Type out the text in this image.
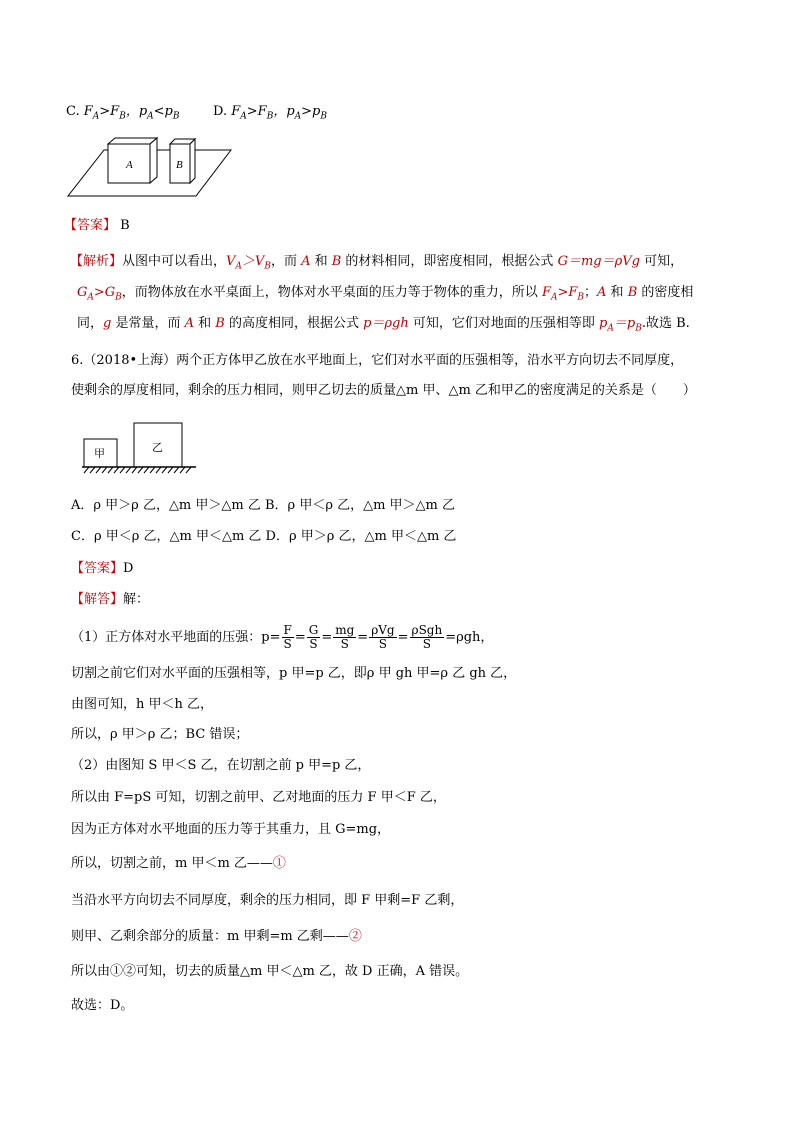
C. $F_A>F_B$，$p_A<p_B$	D. $F_A>F_B$，$p_A>p_B$
A	B
【答案】 B
【解析】从图中可以看出，$V_A>V_B$，而 A 和 B 的材料相同，即密度相同，根据公式 G＝mg＝ρVg 可知，
$G_A>G_B$，而物体放在水平桌面上，物体对水平桌面的压力等于物体的重力，所以 $F_A>F_B$；A 和 B 的密度相
同，g 是常量，而 A 和 B 的高度相同，根据公式 p＝ρgh 可知，它们对地面的压强相等即 $p_A=p_B$.故选 B.
6.（2018•上海）两个正方体甲乙放在水平地面上，它们对水平面的压强相等，沿水平方向切去不同厚度，
使剩余的厚度相同，剩余的压力相同，则甲乙切去的质量△m 甲、△m 乙和甲乙的密度满足的关系是（　　）
甲	乙
A．ρ 甲＞ρ 乙，△m 甲＞△m 乙 B．ρ 甲＜ρ 乙，△m 甲＞△m 乙
C．ρ 甲＜ρ 乙，△m 甲＜△m 乙 D．ρ 甲＞ρ 乙，△m 甲＜△m 乙
【答案】D
【解答】解：
（1）正方体对水平地面的压强：$p= \frac{F}{S} = \frac{G}{S} = \frac{mg}{S} = \frac{\text{ρVg}}{S} = \frac{\text{ρSgh}}{S} =\rho gh$，
切割之前它们对水平面的压强相等，p 甲=p 乙，即ρ 甲 gh 甲=ρ 乙 gh 乙，
由图可知，h 甲＜h 乙，
所以，ρ 甲＞ρ 乙；BC 错误；
（2）由图知 S 甲＜S 乙，在切割之前 p 甲=p 乙，
所以由 F=pS 可知，切割之前甲、乙对地面的压力 F 甲＜F 乙，
因为正方体对水平地面的压力等于其重力，且 G=mg，
所以，切割之前，m 甲＜m 乙——①
当沿水平方向切去不同厚度，剩余的压力相同，即 F 甲剩=F 乙剩，
则甲、乙剩余部分的质量：m 甲剩=m 乙剩——②
所以由①②可知，切去的质量△m 甲＜△m 乙，故 D 正确，A 错误。
故选：D。
